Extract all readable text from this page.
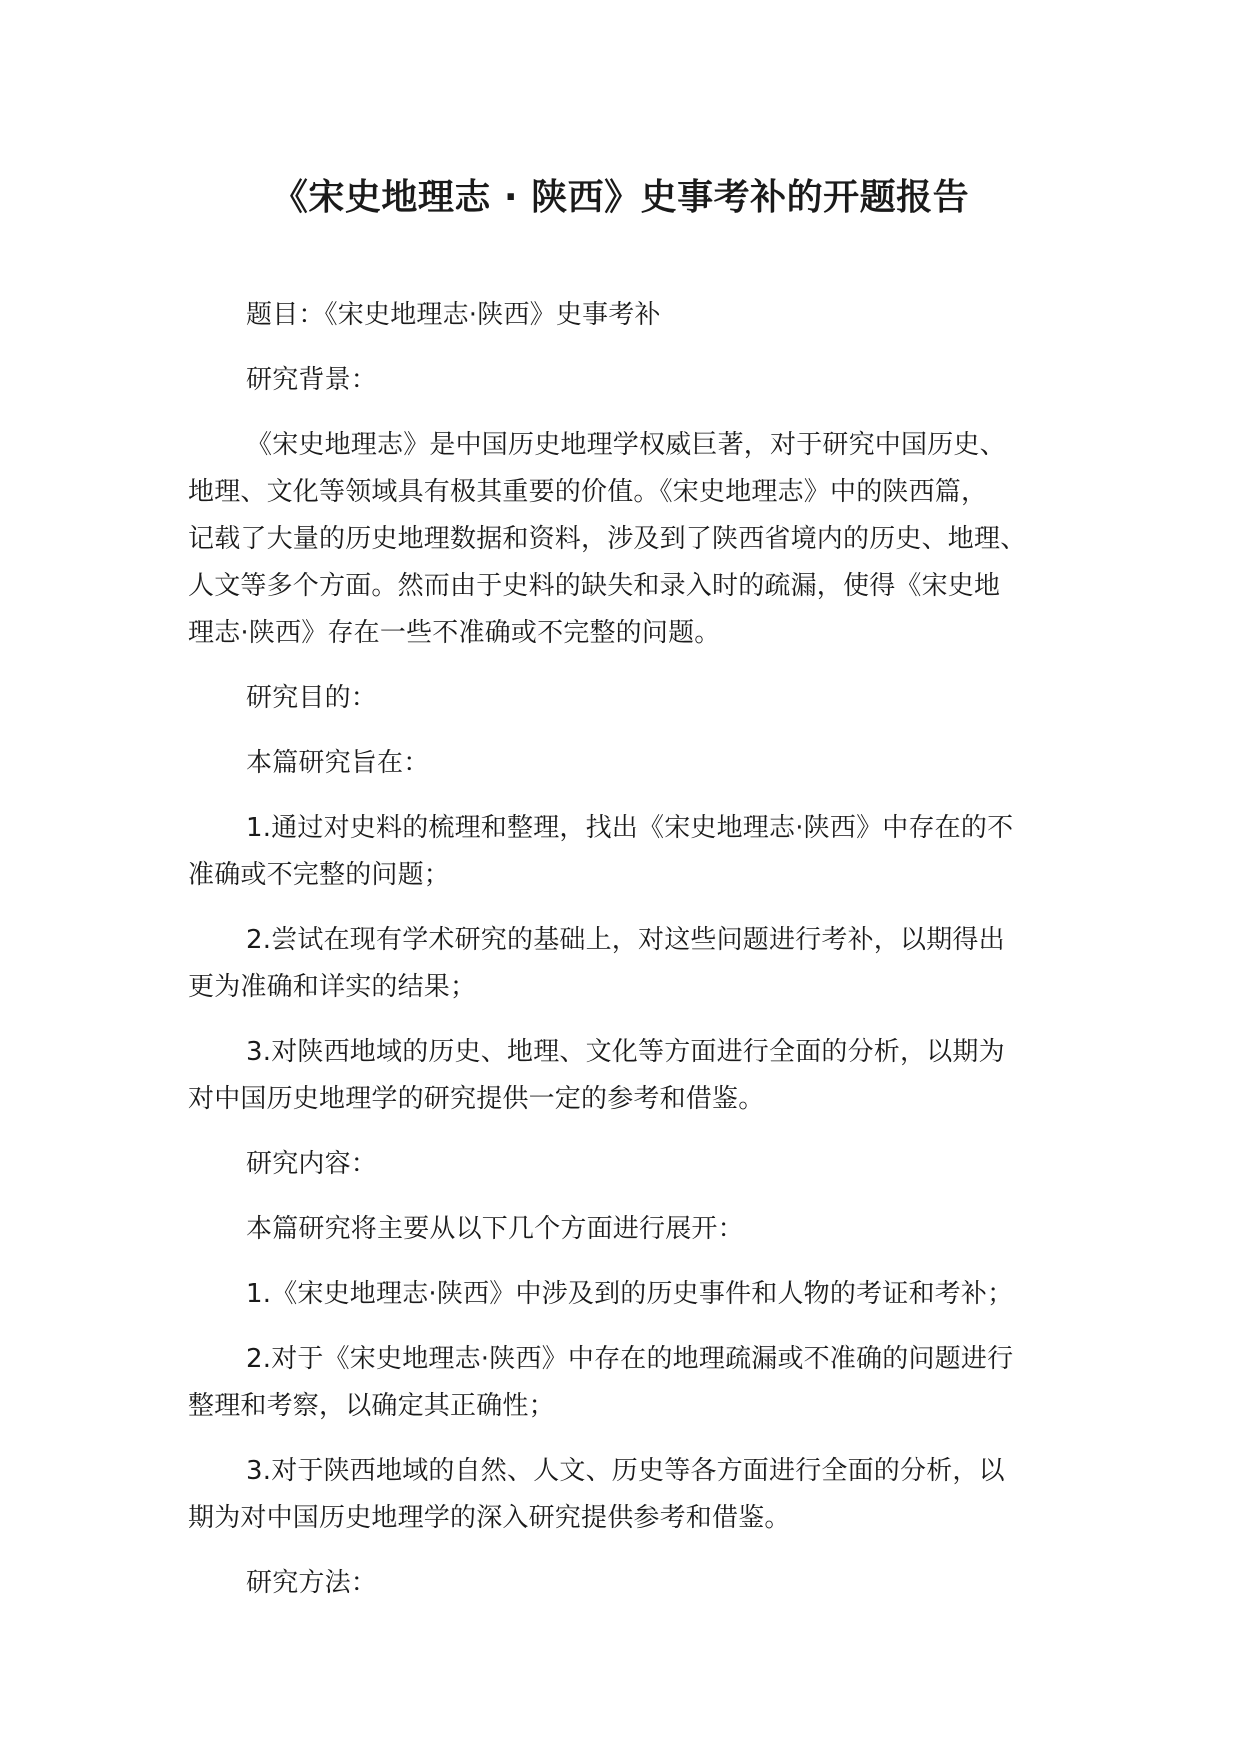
《宋史地理志 · 陕西》史事考补的开题报告

题目：《宋史地理志·陕西》史事考补

研究背景：

《宋史地理志》是中国历史地理学权威巨著，对于研究中国历史、
地理、文化等领域具有极其重要的价值。《宋史地理志》中的陕西篇，
记载了大量的历史地理数据和资料，涉及到了陕西省境内的历史、地理、
人文等多个方面。然而由于史料的缺失和录入时的疏漏，使得《宋史地
理志·陕西》存在一些不准确或不完整的问题。

研究目的：

本篇研究旨在：

1.通过对史料的梳理和整理，找出《宋史地理志·陕西》中存在的不
准确或不完整的问题；

2.尝试在现有学术研究的基础上，对这些问题进行考补，以期得出
更为准确和详实的结果；

3.对陕西地域的历史、地理、文化等方面进行全面的分析，以期为
对中国历史地理学的研究提供一定的参考和借鉴。

研究内容：

本篇研究将主要从以下几个方面进行展开：

1.《宋史地理志·陕西》中涉及到的历史事件和人物的考证和考补；

2.对于《宋史地理志·陕西》中存在的地理疏漏或不准确的问题进行
整理和考察，以确定其正确性；

3.对于陕西地域的自然、人文、历史等各方面进行全面的分析，以
期为对中国历史地理学的深入研究提供参考和借鉴。

研究方法：
